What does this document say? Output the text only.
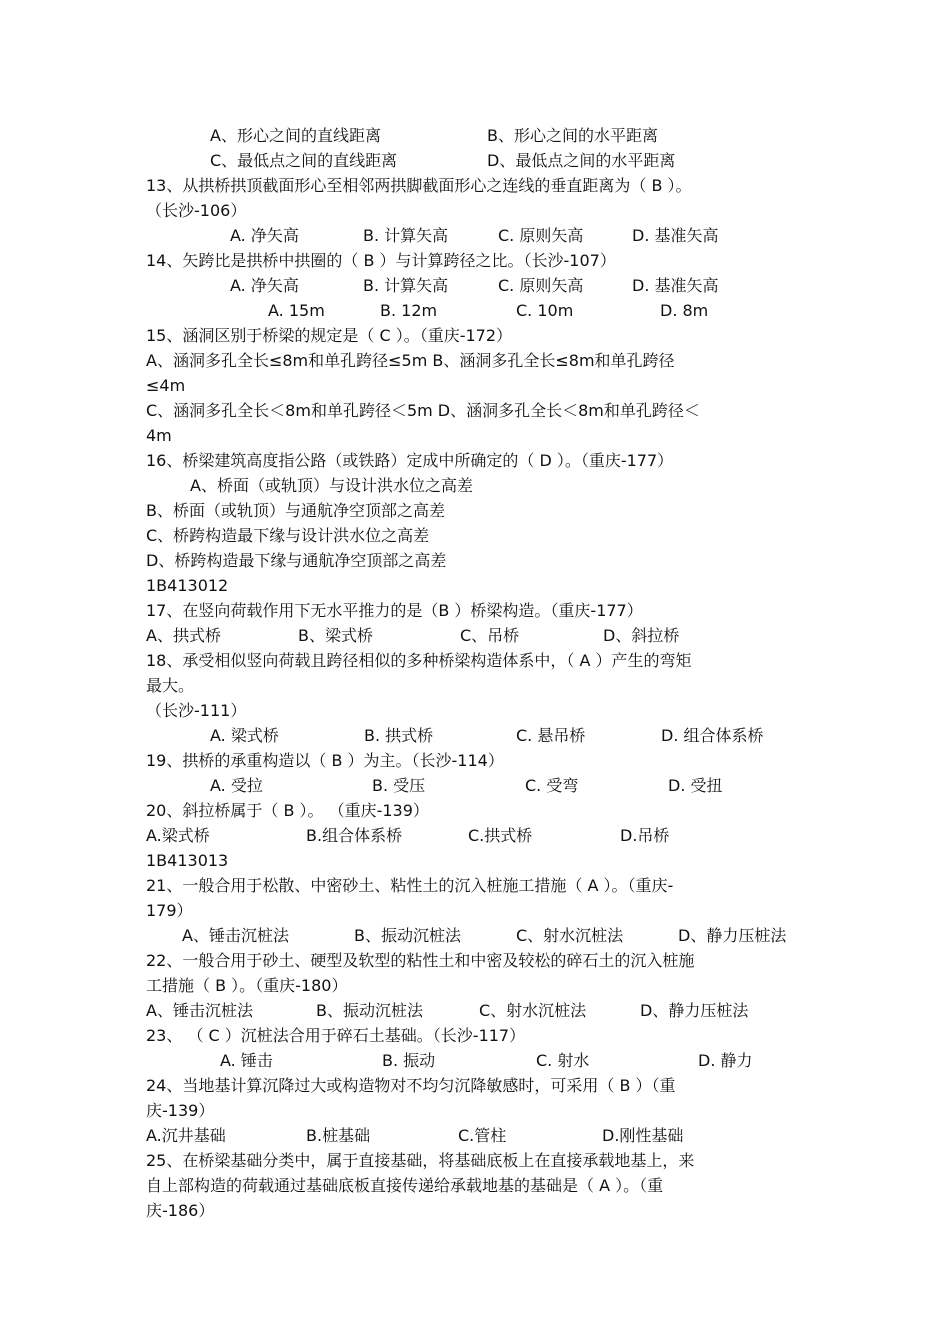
A、形心之间的直线距离	B、形心之间的水平距离
C、最低点之间的直线距离	D、最低点之间的水平距离
13、从拱桥拱顶截面形心至相邻两拱脚截面形心之连线的垂直距离为（ B ）。
（长沙-106）
A. 净矢高	B. 计算矢高	C. 原则矢高	D. 基准矢高
14、矢跨比是拱桥中拱圈的（ B ）与计算跨径之比。（长沙-107）
A. 净矢高	B. 计算矢高	C. 原则矢高	D. 基准矢高
A. 15m	B. 12m	C. 10m	D. 8m
15、涵洞区别于桥梁的规定是（ C ）。（重庆-172）
A、涵洞多孔全长≤8m和单孔跨径≤5m B、涵洞多孔全长≤8m和单孔跨径
≤4m
C、涵洞多孔全长＜8m和单孔跨径＜5m D、涵洞多孔全长＜8m和单孔跨径＜
4m
16、桥梁建筑高度指公路（或铁路）定成中所确定的（ D ）。（重庆-177）
A、桥面（或轨顶）与设计洪水位之高差
B、桥面（或轨顶）与通航净空顶部之高差
C、桥跨构造最下缘与设计洪水位之高差
D、桥跨构造最下缘与通航净空顶部之高差
1B413012
17、在竖向荷载作用下无水平推力的是（B ）桥梁构造。（重庆-177）
A、拱式桥	B、梁式桥	C、吊桥	D、斜拉桥
18、承受相似竖向荷载且跨径相似的多种桥梁构造体系中，（ A ）产生的弯矩
最大。
（长沙-111）
A. 梁式桥	B. 拱式桥	C. 悬吊桥	D. 组合体系桥
19、拱桥的承重构造以（ B ）为主。（长沙-114）
A. 受拉	B. 受压	C. 受弯	D. 受扭
20、斜拉桥属于（ B ）。 （重庆-139）
A.梁式桥	B.组合体系桥	C.拱式桥	D.吊桥
1B413013
21、一般合用于松散、中密砂土、粘性土的沉入桩施工措施（ A ）。（重庆-
179）
A、锤击沉桩法	B、振动沉桩法	C、射水沉桩法	D、静力压桩法
22、一般合用于砂土、硬型及软型的粘性土和中密及较松的碎石土的沉入桩施
工措施（ B ）。（重庆-180）
A、锤击沉桩法	B、振动沉桩法	C、射水沉桩法	D、静力压桩法
23、 （ C ）沉桩法合用于碎石土基础。（长沙-117）
A. 锤击	B. 振动	C. 射水	D. 静力
24、当地基计算沉降过大或构造物对不均匀沉降敏感时，可采用（ B ）（重
庆-139）
A.沉井基础	B.桩基础	C.管柱	D.刚性基础
25、在桥梁基础分类中，属于直接基础，将基础底板上在直接承载地基上，来
自上部构造的荷载通过基础底板直接传递给承载地基的基础是（ A ）。（重
庆-186）
